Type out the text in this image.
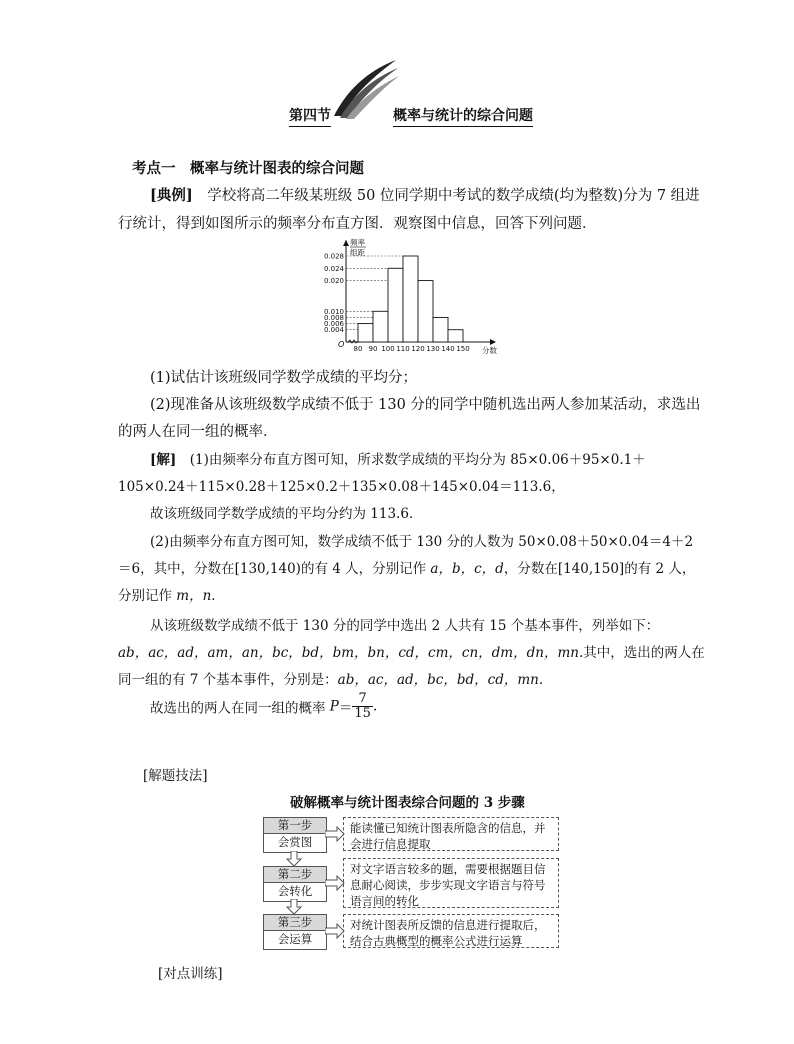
第四节	概率与统计的综合问题
考点一　概率与统计图表的综合问题
[典例]　学校将高二年级某班级 50 位同学期中考试的数学成绩(均为整数)分为 7 组进
行统计，得到如图所示的频率分布直方图．观察图中信息，回答下列问题．
频率
组距
0.004
0.006
0.008
0.010
0.020
0.024
0.028
80 90 100 110 120 130 140 150 分数
O
(1)试估计该班级同学数学成绩的平均分；
(2)现准备从该班级数学成绩不低于 130 分的同学中随机选出两人参加某活动，求选出
的两人在同一组的概率．
[解]　(1)由频率分布直方图可知，所求数学成绩的平均分为 85×0.06＋95×0.1＋
105×0.24＋115×0.28＋125×0.2＋135×0.08＋145×0.04＝113.6，
故该班级同学数学成绩的平均分约为 113.6．
(2)由频率分布直方图可知，数学成绩不低于 130 分的人数为 50×0.08＋50×0.04＝4＋2
＝6，其中，分数在[130,140)的有 4 人，分别记作 a，b，c，d，分数在[140,150]的有 2 人，
分别记作 m，n．
从该班级数学成绩不低于 130 分的同学中选出 2 人共有 15 个基本事件，列举如下：
ab，ac，ad，am，an，bc，bd，bm，bn，cd，cm，cn，dm，dn，mn.其中，选出的两人在
同一组的有 7 个基本事件，分别是：ab，ac，ad，bc，bd，cd，mn.
故选出的两人在同一组的概率 $P= \frac{7}{15}$ .
[解题技法]
破解概率与统计图表综合问题的 3 步骤
第一步
会赏图
能读懂已知统计图表所隐含的信息，并会进行信息提取
第二步
会转化
对文字语言较多的题，需要根据题目信息耐心阅读，步步实现文字语言与符号语言间的转化
第三步
会运算
对统计图表所反馈的信息进行提取后，结合古典概型的概率公式进行运算
[对点训练]
